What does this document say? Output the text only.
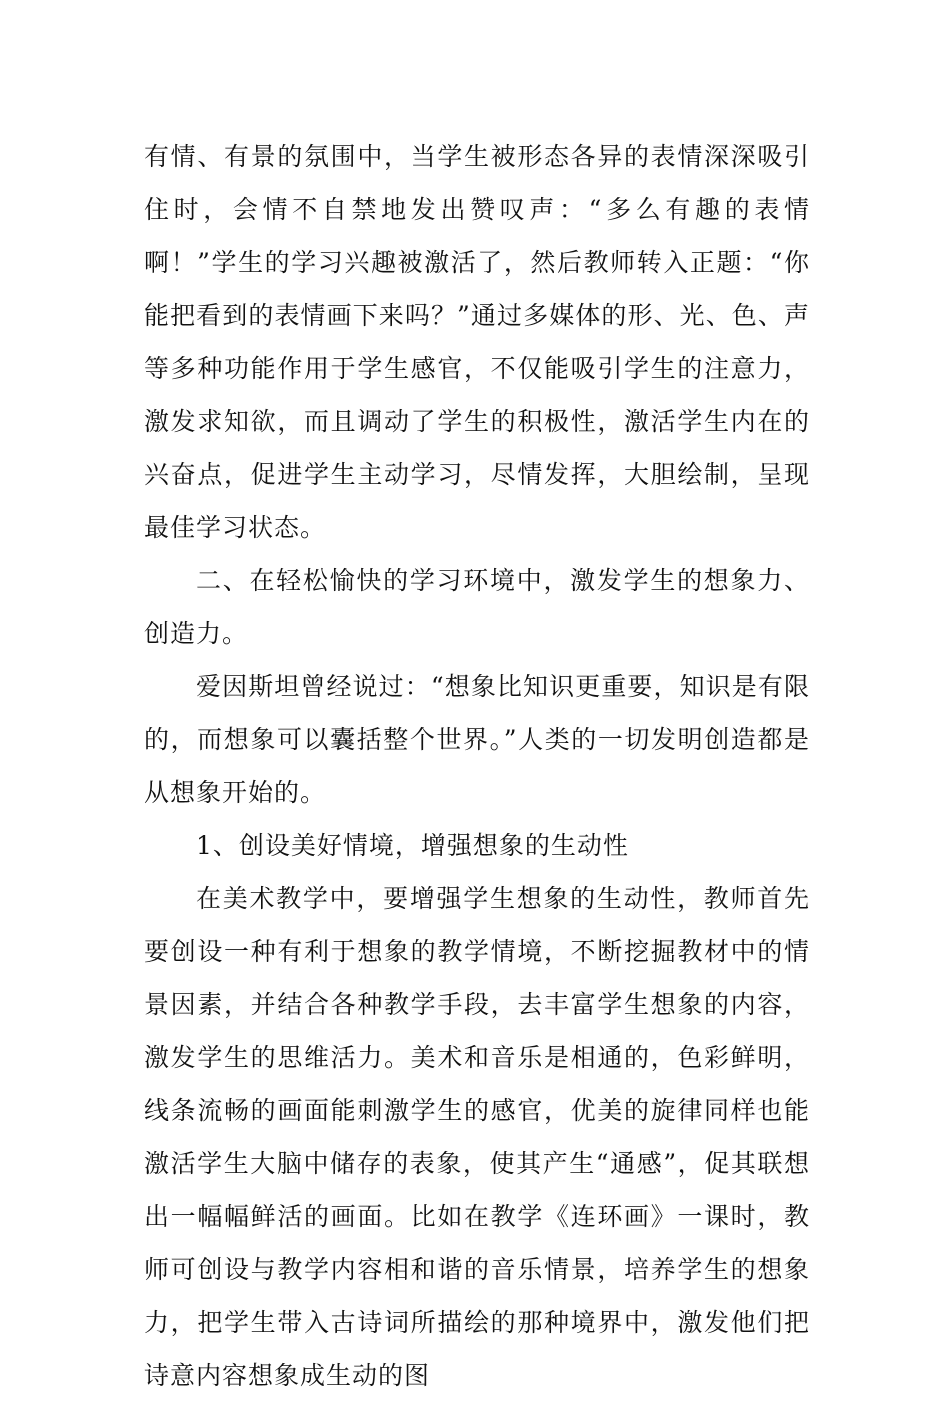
有情、有景的氛围中，当学生被形态各异的表情深深吸引住时，会情不自禁地发出赞叹声：“多么有趣的表情啊！”学生的学习兴趣被激活了，然后教师转入正题：“你能把看到的表情画下来吗？”通过多媒体的形、光、色、声等多种功能作用于学生感官，不仅能吸引学生的注意力，激发求知欲，而且调动了学生的积极性，激活学生内在的兴奋点，促进学生主动学习，尽情发挥，大胆绘制，呈现最佳学习状态。

二、在轻松愉快的学习环境中，激发学生的想象力、创造力。

爱因斯坦曾经说过：“想象比知识更重要，知识是有限的，而想象可以囊括整个世界。”人类的一切发明创造都是从想象开始的。

1、创设美好情境，增强想象的生动性

在美术教学中，要增强学生想象的生动性，教师首先要创设一种有利于想象的教学情境，不断挖掘教材中的情景因素，并结合各种教学手段，去丰富学生想象的内容，激发学生的思维活力。美术和音乐是相通的，色彩鲜明，线条流畅的画面能刺激学生的感官，优美的旋律同样也能激活学生大脑中储存的表象，使其产生“通感”，促其联想出一幅幅鲜活的画面。比如在教学《连环画》一课时，教师可创设与教学内容相和谐的音乐情景，培养学生的想象力，把学生带入古诗词所描绘的那种境界中，激发他们把诗意内容想象成生动的图
